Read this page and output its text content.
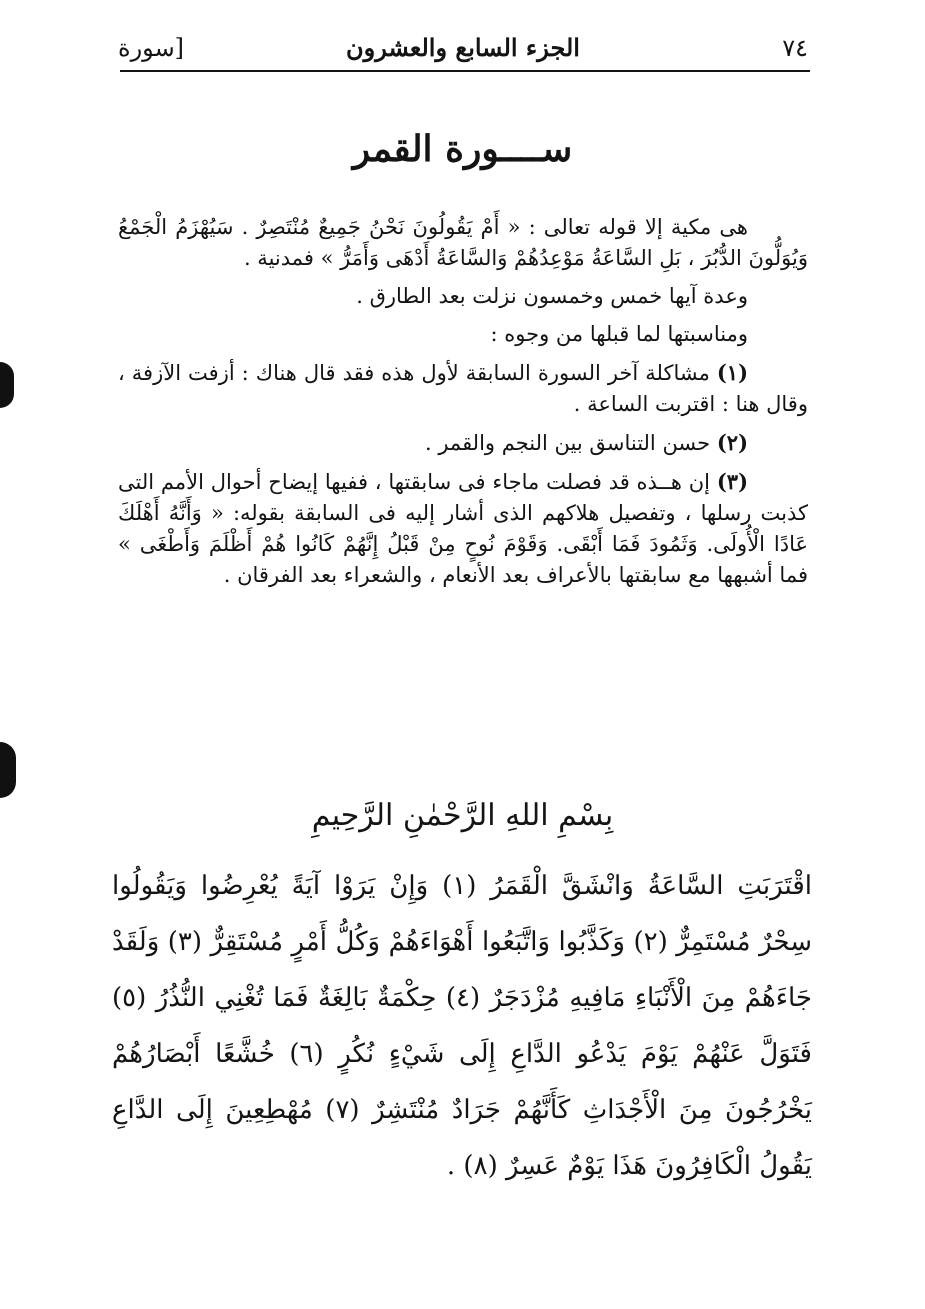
٧٤
الجزء السابع والعشرون
[سورة
ســــورة القمر

هى مكية إلا قوله تعالى : « أَمْ يَقُولُونَ نَحْنُ جَمِيعٌ مُنْتَصِرٌ . سَيُهْزَمُ الْجَمْعُ وَيُوَلُّونَ الدُّبُرَ ، بَلِ السَّاعَةُ مَوْعِدُهُمْ وَالسَّاعَةُ أَدْهَى وَأَمَرُّ » فمدنية .

وعدة آيها خمس وخمسون نزلت بعد الطارق .

ومناسبتها لما قبلها من وجوه :

(١) مشاكلة آخر السورة السابقة لأول هذه فقد قال هناك : أزفت الآزفة ، وقال هنا : اقتربت الساعة .

(٢) حسن التناسق بين النجم والقمر .

(٣) إن هــذه قد فصلت ماجاء فى سابقتها ، ففيها إيضاح أحوال الأمم التى كذبت رسلها ، وتفصيل هلاكهم الذى أشار إليه فى السابقة بقوله: « وَأَنَّهُ أَهْلَكَ عَادًا الْأُولَى. وَثَمُودَ فَمَا أَبْقَى. وَقَوْمَ نُوحٍ مِنْ قَبْلُ إِنَّهُمْ كَانُوا هُمْ أَظْلَمَ وَأَطْغَى » فما أشبهها مع سابقتها بالأعراف بعد الأنعام ، والشعراء بعد الفرقان .

بِسْمِ اللهِ الرَّحْمٰنِ الرَّحِيمِ
اقْتَرَبَتِ السَّاعَةُ وَانْشَقَّ الْقَمَرُ (١) وَإِنْ يَرَوْا آيَةً يُعْرِضُوا وَيَقُولُوا سِحْرٌ مُسْتَمِرٌّ (٢) وَكَذَّبُوا وَاتَّبَعُوا أَهْوَاءَهُمْ وَكُلُّ أَمْرٍ مُسْتَقِرٌّ (٣) وَلَقَدْ جَاءَهُمْ مِنَ الْأَنْبَاءِ مَافِيهِ مُزْدَجَرٌ (٤) حِكْمَةٌ بَالِغَةٌ فَمَا تُغْنِي النُّذُرُ (٥) فَتَوَلَّ عَنْهُمْ يَوْمَ يَدْعُو الدَّاعِ إِلَى شَيْءٍ نُكُرٍ (٦) خُشَّعًا أَبْصَارُهُمْ يَخْرُجُونَ مِنَ الْأَجْدَاثِ كَأَنَّهُمْ جَرَادٌ مُنْتَشِرٌ (٧) مُهْطِعِينَ إِلَى الدَّاعِ يَقُولُ الْكَافِرُونَ هَذَا يَوْمٌ عَسِرٌ (٨) .
